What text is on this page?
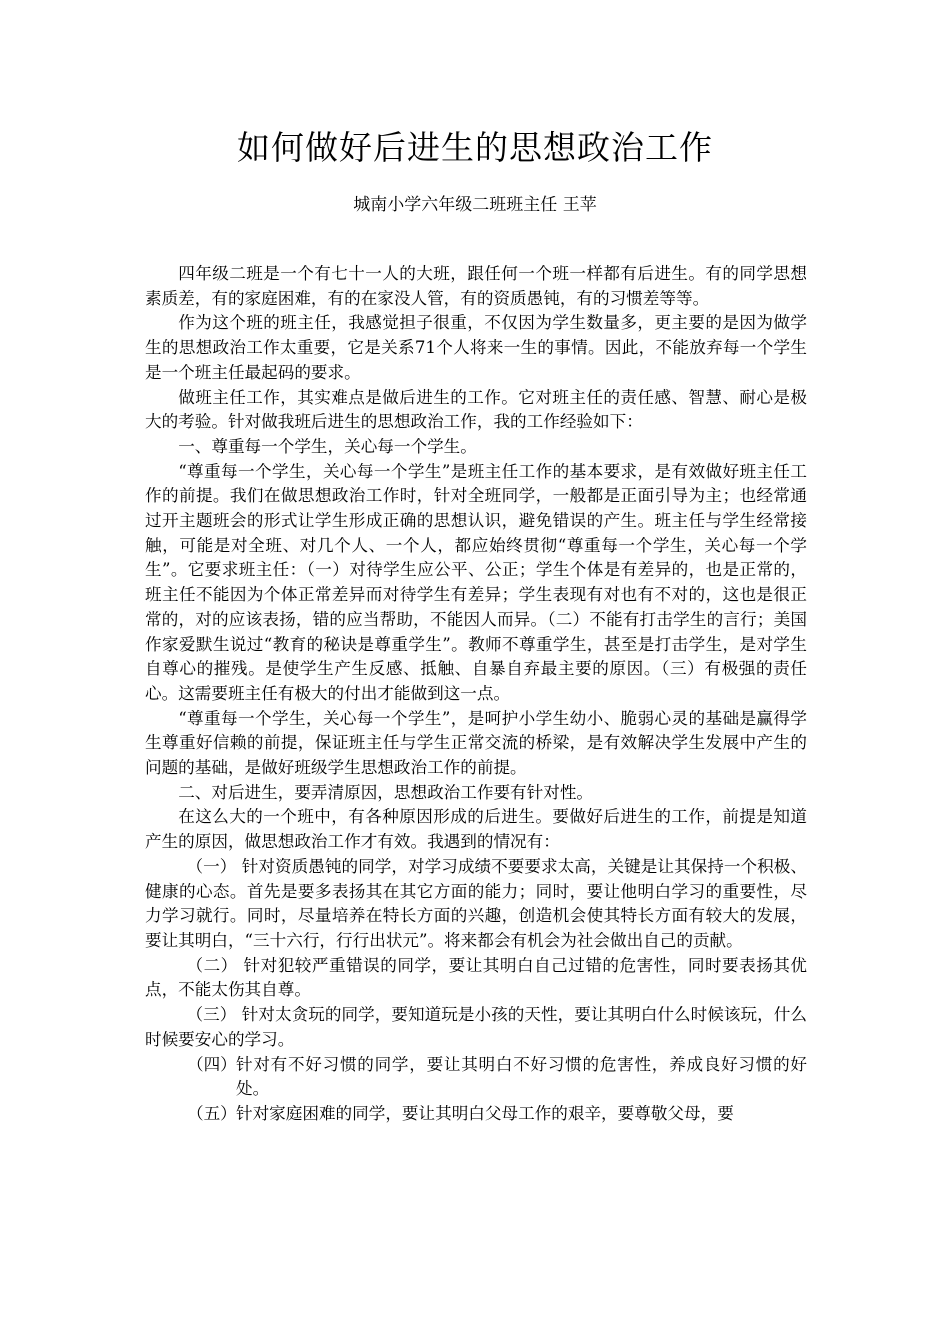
如何做好后进生的思想政治工作
城南小学六年级二班班主任 王苹

四年级二班是一个有七十一人的大班，跟任何一个班一样都有后进生。有的同学思想素质差，有的家庭困难，有的在家没人管，有的资质愚钝，有的习惯差等等。

作为这个班的班主任，我感觉担子很重，不仅因为学生数量多，更主要的是因为做学生的思想政治工作太重要，它是关系71个人将来一生的事情。因此，不能放弃每一个学生是一个班主任最起码的要求。

做班主任工作，其实难点是做后进生的工作。它对班主任的责任感、智慧、耐心是极大的考验。针对做我班后进生的思想政治工作，我的工作经验如下：

一、尊重每一个学生，关心每一个学生。

“尊重每一个学生，关心每一个学生”是班主任工作的基本要求，是有效做好班主任工作的前提。我们在做思想政治工作时，针对全班同学，一般都是正面引导为主；也经常通过开主题班会的形式让学生形成正确的思想认识，避免错误的产生。班主任与学生经常接触，可能是对全班、对几个人、一个人，都应始终贯彻“尊重每一个学生，关心每一个学生”。它要求班主任：（一）对待学生应公平、公正；学生个体是有差异的，也是正常的，班主任不能因为个体正常差异而对待学生有差异；学生表现有对也有不对的，这也是很正常的，对的应该表扬，错的应当帮助，不能因人而异。（二）不能有打击学生的言行；美国作家爱默生说过“教育的秘诀是尊重学生”。教师不尊重学生，甚至是打击学生，是对学生自尊心的摧残。是使学生产生反感、抵触、自暴自弃最主要的原因。（三）有极强的责任心。这需要班主任有极大的付出才能做到这一点。

“尊重每一个学生，关心每一个学生”，是呵护小学生幼小、脆弱心灵的基础是赢得学生尊重好信赖的前提，保证班主任与学生正常交流的桥梁，是有效解决学生发展中产生的问题的基础，是做好班级学生思想政治工作的前提。

二、对后进生，要弄清原因，思想政治工作要有针对性。

在这么大的一个班中，有各种原因形成的后进生。要做好后进生的工作，前提是知道产生的原因，做思想政治工作才有效。我遇到的情况有：

（一） 针对资质愚钝的同学，对学习成绩不要要求太高，关键是让其保持一个积极、健康的心态。首先是要多表扬其在其它方面的能力；同时，要让他明白学习的重要性，尽力学习就行。同时，尽量培养在特长方面的兴趣，创造机会使其特长方面有较大的发展，要让其明白，“三十六行，行行出状元”。将来都会有机会为社会做出自己的贡献。

（二） 针对犯较严重错误的同学，要让其明白自己过错的危害性，同时要表扬其优点，不能太伤其自尊。

（三） 针对太贪玩的同学，要知道玩是小孩的天性，要让其明白什么时候该玩，什么时候要安心的学习。

（四） 针对有不好习惯的同学，要让其明白不好习惯的危害性，养成良好习惯的好处。

（五） 针对家庭困难的同学，要让其明白父母工作的艰辛，要尊敬父母，要
